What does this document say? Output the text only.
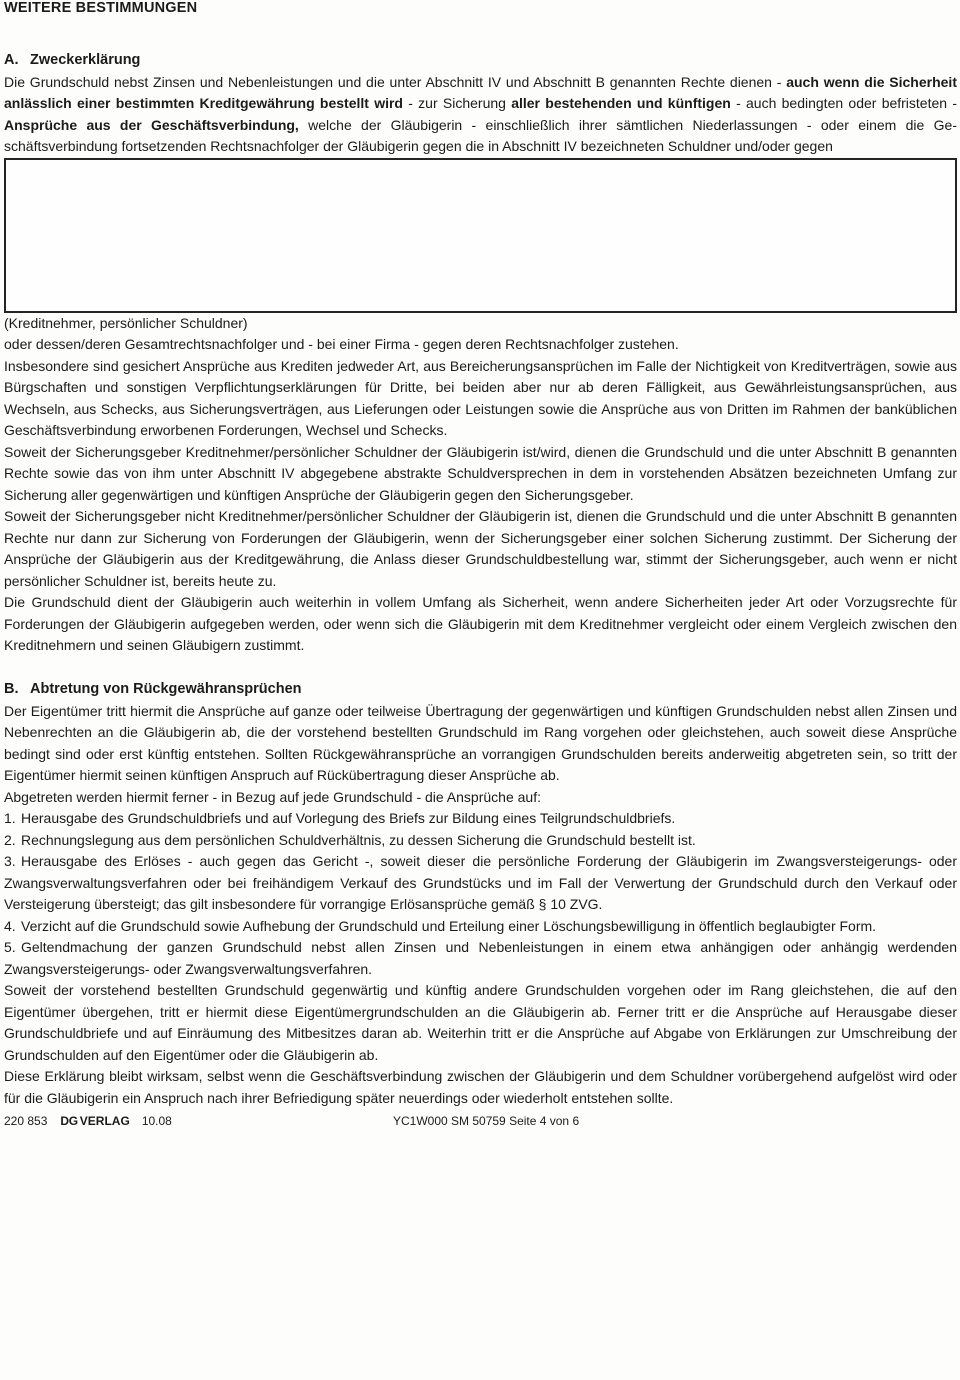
WEITERE BESTIMMUNGEN
A. Zweckerklärung

Die Grundschuld nebst Zinsen und Nebenleistungen und die unter Abschnitt IV und Abschnitt B genannten Rechte dienen - auch wenn die Sicherheit anlässlich einer bestimmten Kreditgewährung bestellt wird - zur Sicherung aller bestehenden und künftigen - auch bedingten oder befristeten - Ansprüche aus der Geschäftsverbindung, welche der Gläubigerin - einschließlich ihrer sämtlichen Niederlassungen - oder einem die Geschäftsverbindung fortsetzenden Rechtsnachfolger der Gläubigerin gegen die in Abschnitt IV bezeichneten Schuldner und/oder gegen

(Kreditnehmer, persönlicher Schuldner)

oder dessen/deren Gesamtrechtsnachfolger und - bei einer Firma - gegen deren Rechtsnachfolger zustehen.

Insbesondere sind gesichert Ansprüche aus Krediten jedweder Art, aus Bereicherungsansprüchen im Falle der Nichtigkeit von Kreditverträgen, sowie aus Bürgschaften und sonstigen Verpflichtungserklärungen für Dritte, bei beiden aber nur ab deren Fälligkeit, aus Gewährleistungsansprüchen, aus Wechseln, aus Schecks, aus Sicherungsverträgen, aus Lieferungen oder Leistungen sowie die Ansprüche aus von Dritten im Rahmen der banküblichen Geschäftsverbindung erworbenen Forderungen, Wechsel und Schecks.

Soweit der Sicherungsgeber Kreditnehmer/persönlicher Schuldner der Gläubigerin ist/wird, dienen die Grundschuld und die unter Abschnitt B genannten Rechte sowie das von ihm unter Abschnitt IV abgegebene abstrakte Schuldversprechen in dem in vorstehenden Absätzen bezeichneten Umfang zur Sicherung aller gegenwärtigen und künftigen Ansprüche der Gläubigerin gegen den Sicherungsgeber.

Soweit der Sicherungsgeber nicht Kreditnehmer/persönlicher Schuldner der Gläubigerin ist, dienen die Grundschuld und die unter Abschnitt B genannten Rechte nur dann zur Sicherung von Forderungen der Gläubigerin, wenn der Sicherungsgeber einer solchen Sicherung zustimmt. Der Sicherung der Ansprüche der Gläubigerin aus der Kreditgewährung, die Anlass dieser Grundschuldbestellung war, stimmt der Sicherungsgeber, auch wenn er nicht persönlicher Schuldner ist, bereits heute zu.

Die Grundschuld dient der Gläubigerin auch weiterhin in vollem Umfang als Sicherheit, wenn andere Sicherheiten jeder Art oder Vorzugsrechte für Forderungen der Gläubigerin aufgegeben werden, oder wenn sich die Gläubigerin mit dem Kreditnehmer vergleicht oder einem Vergleich zwischen den Kreditnehmern und seinen Gläubigern zustimmt.

B. Abtretung von Rückgewähransprüchen

Der Eigentümer tritt hiermit die Ansprüche auf ganze oder teilweise Übertragung der gegenwärtigen und künftigen Grundschulden nebst allen Zinsen und Nebenrechten an die Gläubigerin ab, die der vorstehend bestellten Grundschuld im Rang vorgehen oder gleichstehen, auch soweit diese Ansprüche bedingt sind oder erst künftig entstehen. Sollten Rückgewähransprüche an vorrangigen Grundschulden bereits anderweitig abgetreten sein, so tritt der Eigentümer hiermit seinen künftigen Anspruch auf Rückübertragung dieser Ansprüche ab.

Abgetreten werden hiermit ferner - in Bezug auf jede Grundschuld - die Ansprüche auf:

1. Herausgabe des Grundschuldbriefs und auf Vorlegung des Briefs zur Bildung eines Teilgrundschuldbriefs.

2. Rechnungslegung aus dem persönlichen Schuldverhältnis, zu dessen Sicherung die Grundschuld bestellt ist.

3. Herausgabe des Erlöses - auch gegen das Gericht -, soweit dieser die persönliche Forderung der Gläubigerin im Zwangsversteigerungs- oder Zwangsverwaltungsverfahren oder bei freihändigem Verkauf des Grundstücks und im Fall der Verwertung der Grundschuld durch den Verkauf oder Versteigerung übersteigt; das gilt insbesondere für vorrangige Erlösansprüche gemäß § 10 ZVG.

4. Verzicht auf die Grundschuld sowie Aufhebung der Grundschuld und Erteilung einer Löschungsbewilligung in öffentlich beglaubigter Form.

5. Geltendmachung der ganzen Grundschuld nebst allen Zinsen und Nebenleistungen in einem etwa anhängigen oder anhängig werdenden Zwangsversteigerungs- oder Zwangsverwaltungsverfahren.

Soweit der vorstehend bestellten Grundschuld gegenwärtig und künftig andere Grundschulden vorgehen oder im Rang gleichstehen, die auf den Eigentümer übergehen, tritt er hiermit diese Eigentümergrundschulden an die Gläubigerin ab. Ferner tritt er die Ansprüche auf Herausgabe dieser Grundschuldbriefe und auf Einräumung des Mitbesitzes daran ab. Weiterhin tritt er die Ansprüche auf Abgabe von Erklärungen zur Umschreibung der Grundschulden auf den Eigentümer oder die Gläubigerin ab.

Diese Erklärung bleibt wirksam, selbst wenn die Geschäftsverbindung zwischen der Gläubigerin und dem Schuldner vorübergehend aufgelöst wird oder für die Gläubigerin ein Anspruch nach ihrer Befriedigung später neuerdings oder wiederholt entstehen sollte.

220 853 DG VERLAG 10.08	YC1W000 SM 50759 Seite 4 von 6
